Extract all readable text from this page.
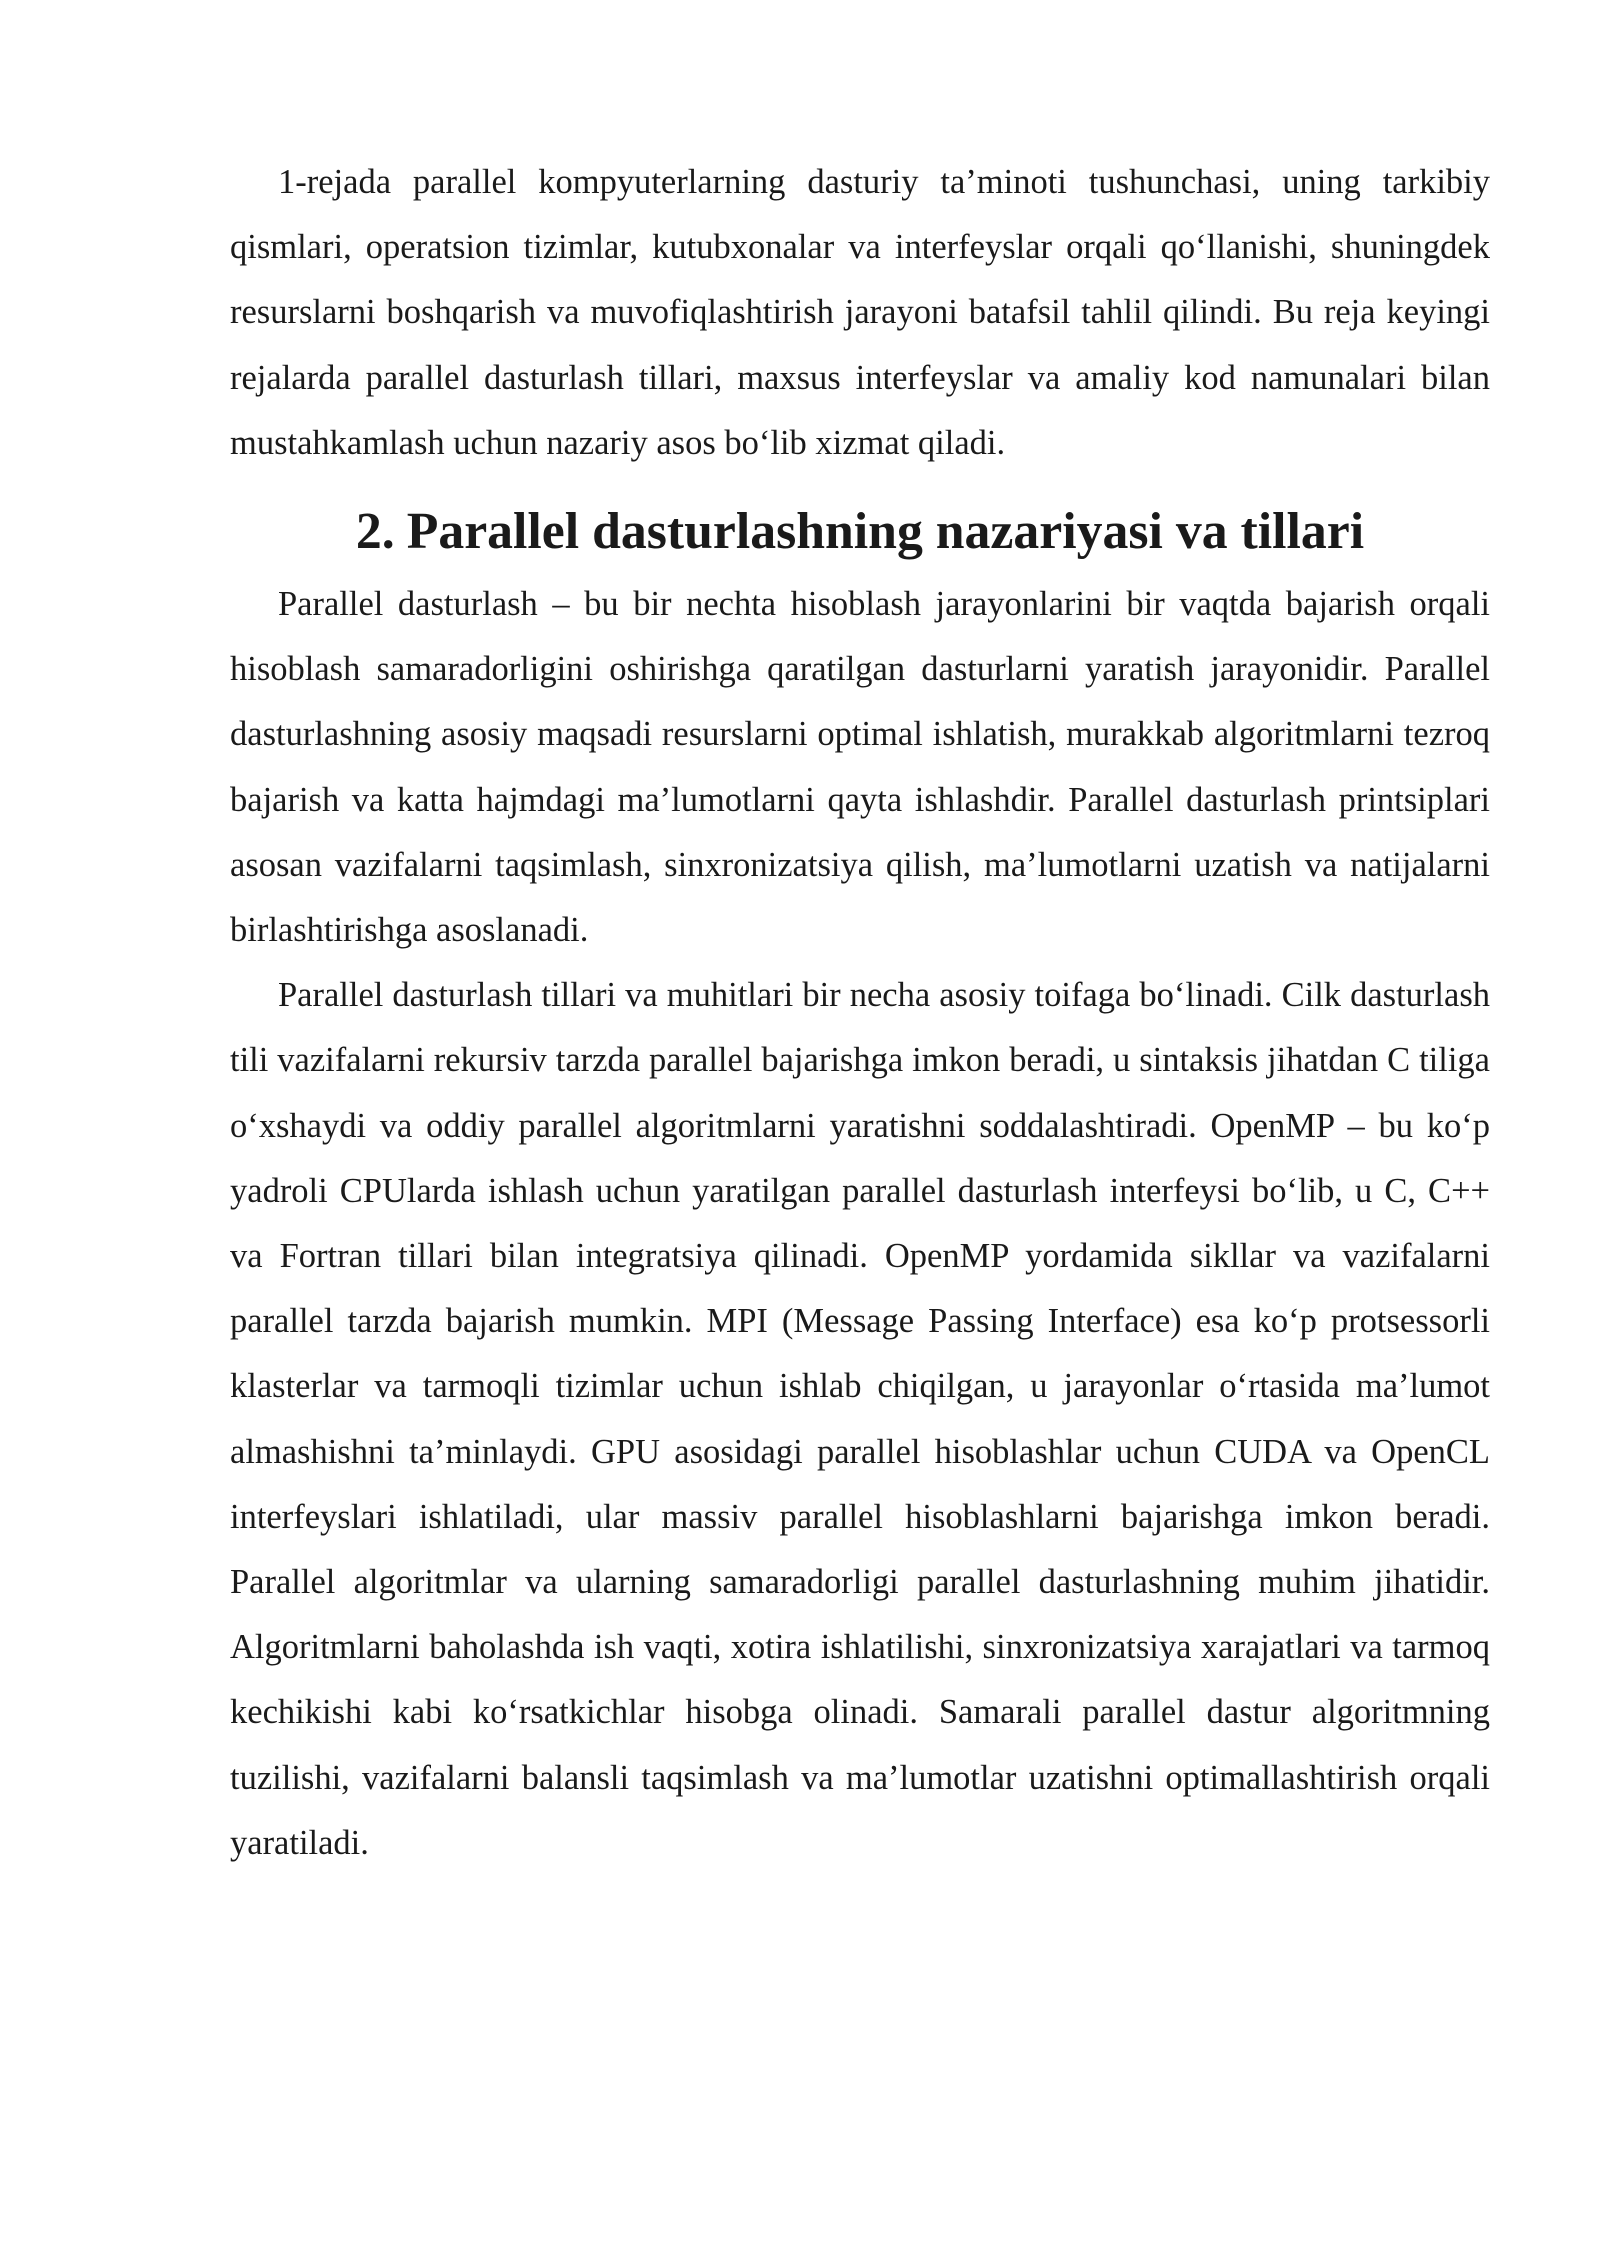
1-rejada parallel kompyuterlarning dasturiy ta’minoti tushunchasi, uning tarkibiy qismlari, operatsion tizimlar, kutubxonalar va interfeyslar orqali qo‘llanishi, shuningdek resurslarni boshqarish va muvofiqlashtirish jarayoni batafsil tahlil qilindi. Bu reja keyingi rejalarda parallel dasturlash tillari, maxsus interfeyslar va amaliy kod namunalari bilan mustahkamlash uchun nazariy asos bo‘lib xizmat qiladi.

2. Parallel dasturlashning nazariyasi va tillari

Parallel dasturlash – bu bir nechta hisoblash jarayonlarini bir vaqtda bajarish orqali hisoblash samaradorligini oshirishga qaratilgan dasturlarni yaratish jarayonidir. Parallel dasturlashning asosiy maqsadi resurslarni optimal ishlatish, murakkab algoritmlarni tezroq bajarish va katta hajmdagi ma’lumotlarni qayta ishlashdir. Parallel dasturlash printsiplari asosan vazifalarni taqsimlash, sinxronizatsiya qilish, ma’lumotlarni uzatish va natijalarni birlashtirishga asoslanadi.

Parallel dasturlash tillari va muhitlari bir necha asosiy toifaga bo‘linadi. Cilk dasturlash tili vazifalarni rekursiv tarzda parallel bajarishga imkon beradi, u sintaksis jihatdan C tiliga o‘xshaydi va oddiy parallel algoritmlarni yaratishni soddalashtiradi. OpenMP – bu ko‘p yadroli CPUlarda ishlash uchun yaratilgan parallel dasturlash interfeysi bo‘lib, u C, C++ va Fortran tillari bilan integratsiya qilinadi. OpenMP yordamida sikllar va vazifalarni parallel tarzda bajarish mumkin. MPI (Message Passing Interface) esa ko‘p protsessorli klasterlar va tarmoqli tizimlar uchun ishlab chiqilgan, u jarayonlar o‘rtasida ma’lumot almashishni ta’minlaydi. GPU asosidagi parallel hisoblashlar uchun CUDA va OpenCL interfeyslari ishlatiladi, ular massiv parallel hisoblashlarni bajarishga imkon beradi. Parallel algoritmlar va ularning samaradorligi parallel dasturlashning muhim jihatidir. Algoritmlarni baholashda ish vaqti, xotira ishlatilishi, sinxronizatsiya xarajatlari va tarmoq kechikishi kabi ko‘rsatkichlar hisobga olinadi. Samarali parallel dastur algoritmning tuzilishi, vazifalarni balansli taqsimlash va ma’lumotlar uzatishni optimallashtirish orqali yaratiladi.
